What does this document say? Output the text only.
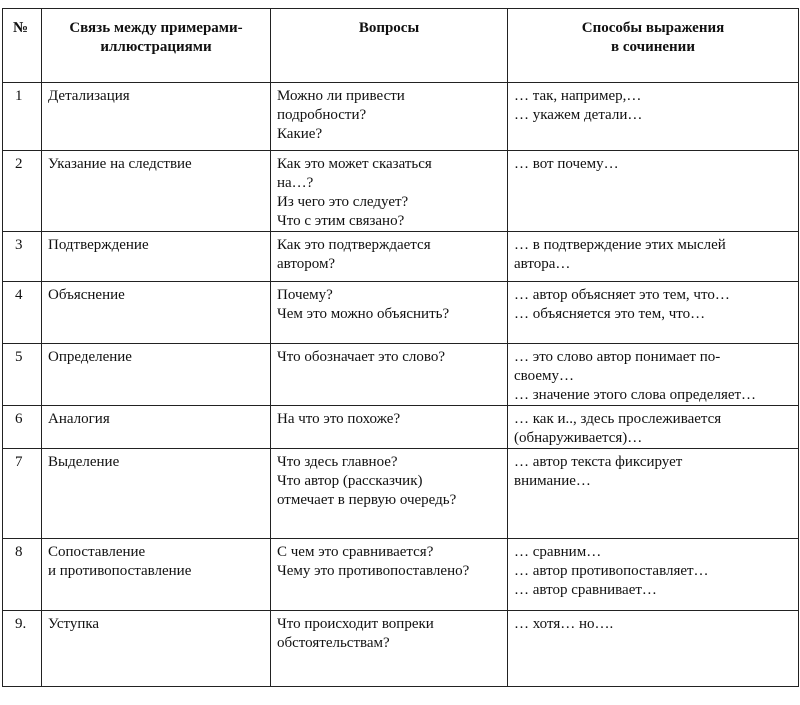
№	Связь между примерами-
иллюстрациями	Вопросы	Способы выражения
в сочинении

1	Детализация	Можно ли привести
подробности?
Какие?	… так, например,…
… укажем детали…

2	Указание на следствие	Как это может сказаться
на…?
Из чего это следует?
Что с этим связано?	… вот почему…

3	Подтверждение	Как это подтверждается
автором?	… в подтверждение этих мыслей
автора…

4	Объяснение	Почему?
Чем это можно объяснить?	… автор объясняет это тем, что…
… объясняется это тем, что…

5	Определение	Что обозначает это слово?	… это слово автор понимает по-
своему…
… значение этого слова определяет…

6	Аналогия	На что это похоже?	… как и.., здесь прослеживается
(обнаруживается)…

7	Выделение	Что здесь главное?
Что автор (рассказчик)
отмечает в первую очередь?	… автор текста фиксирует
внимание…

8	Сопоставление
и противопоставление	С чем это сравнивается?
Чему это противопоставлено?	… сравним…
… автор противопоставляет…
… автор сравнивает…

9.	Уступка	Что происходит вопреки
обстоятельствам?	… хотя… но….
